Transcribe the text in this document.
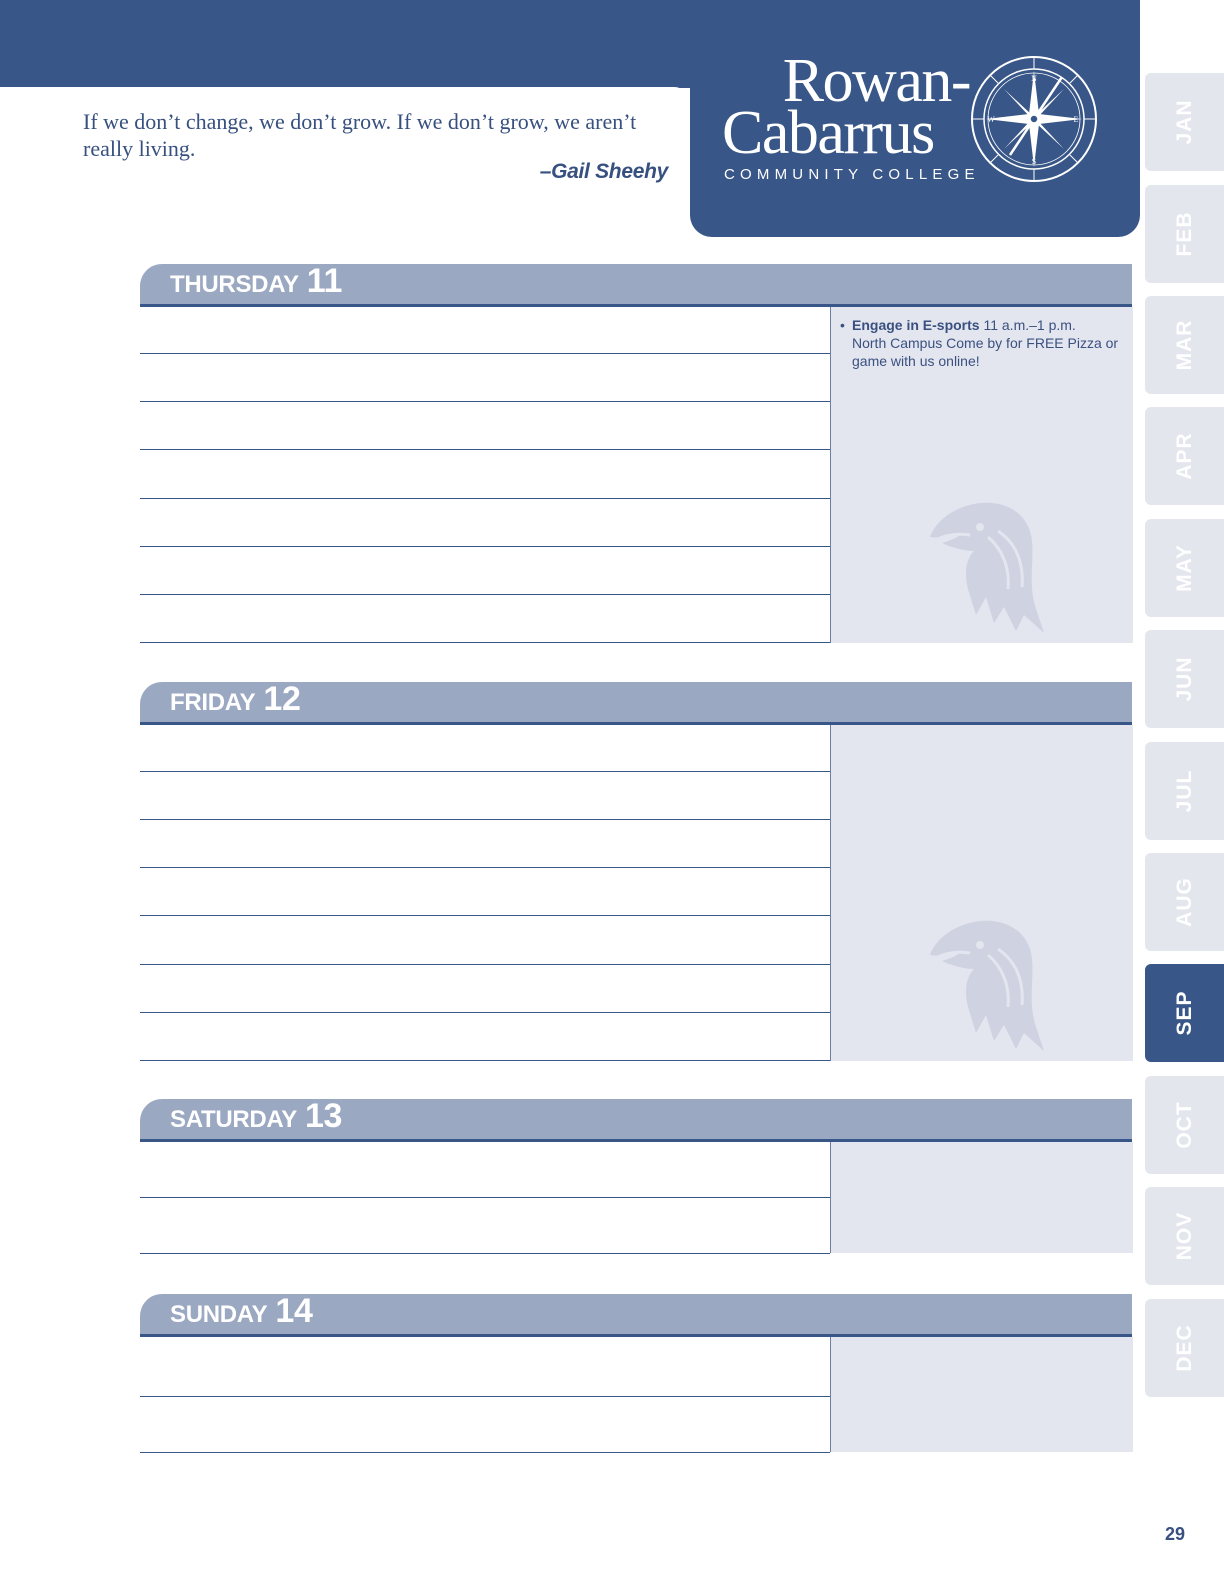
If we don’t change, we don’t grow. If we don’t grow, we aren’t really living.
–Gail Sheehy
Rowan-
Cabarrus
COMMUNITY COLLEGE
N
S
E
W	JAN
FEB
MAR
APR
MAY
JUN
JUL
AUG
SEP
OCT
NOV
DEC
THURSDAY 11
• Engage in E-sports 11 a.m.–1 p.m.
North Campus Come by for FREE Pizza or game with us online!
FRIDAY 12
SATURDAY 13
SUNDAY 14
29
